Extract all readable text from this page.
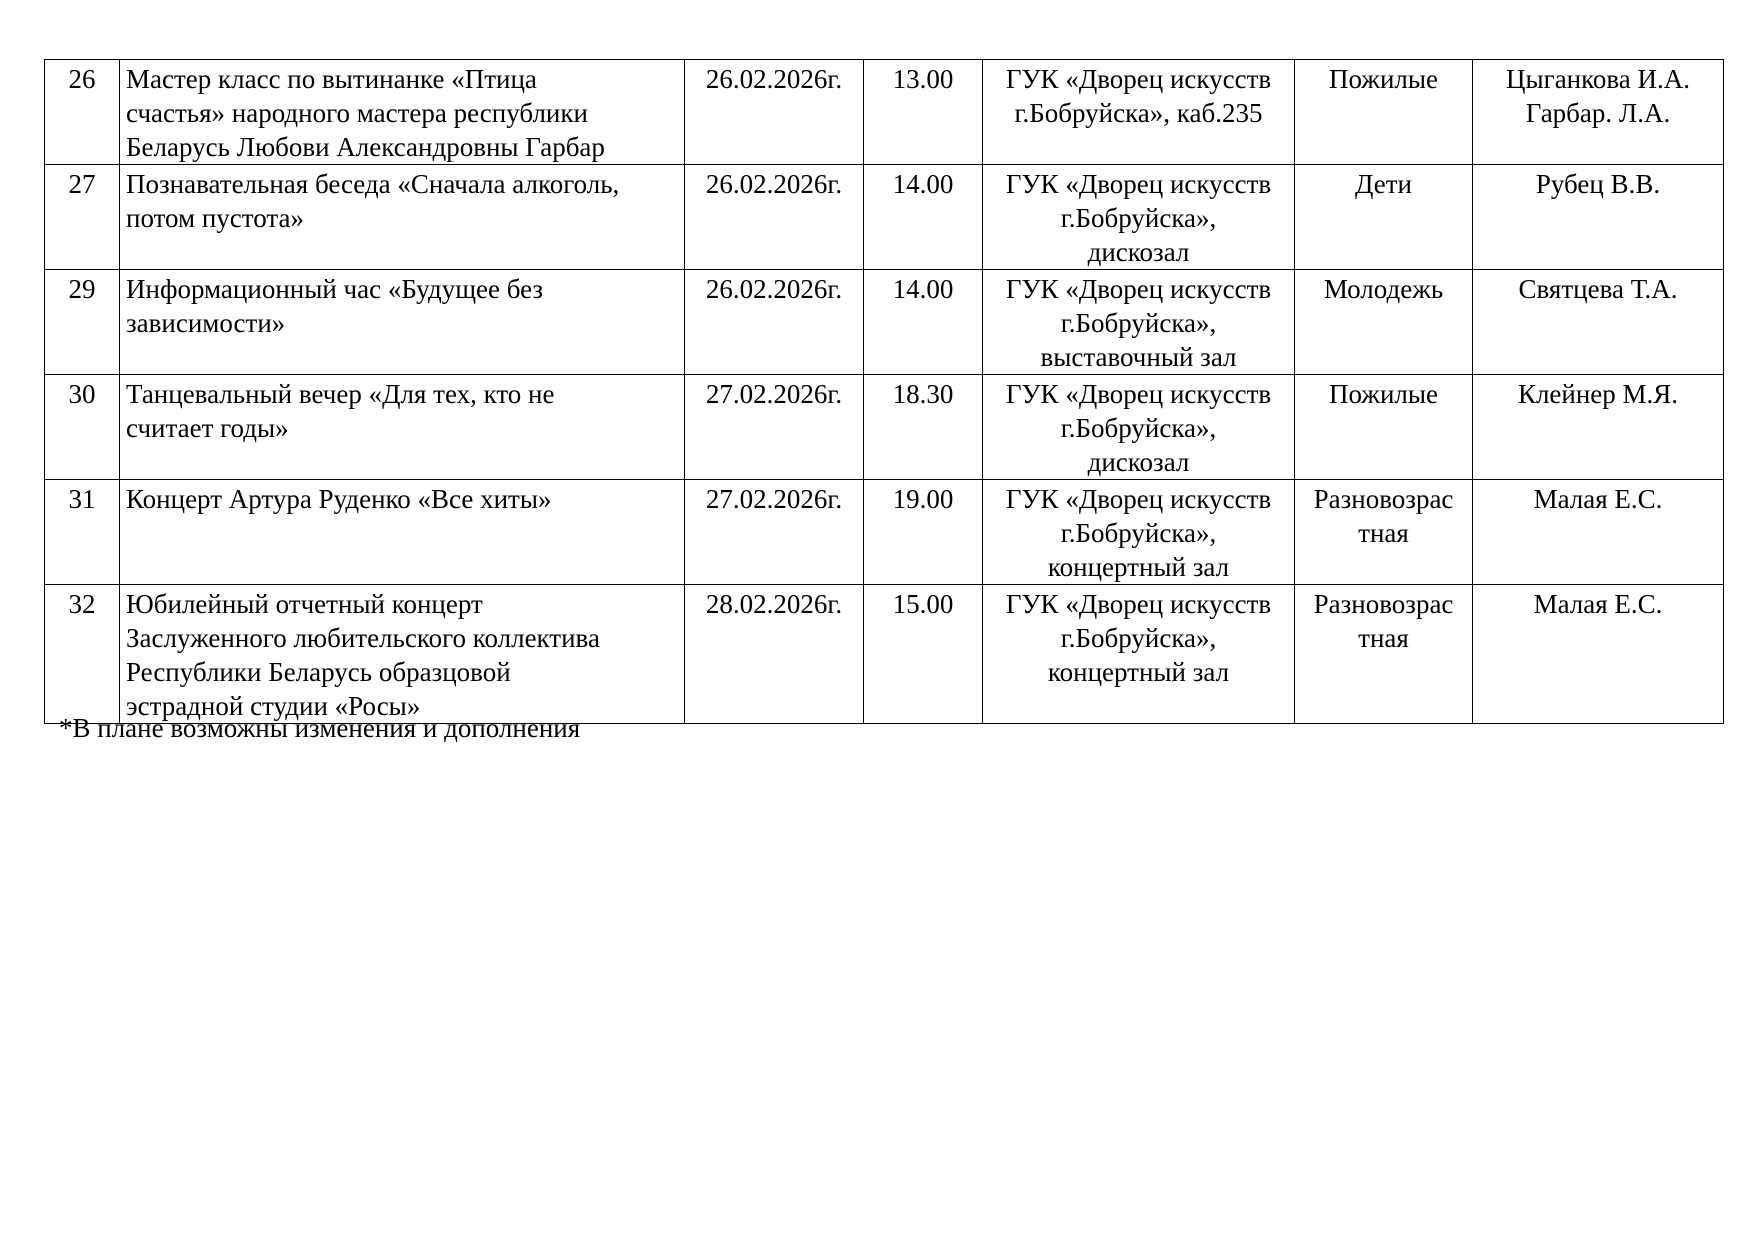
26	Мастер класс по вытинанке «Птица
счастья» народного мастера республики
Беларусь Любови Александровны Гарбар	26.02.2026г.	13.00	ГУК «Дворец искусств
г.Бобруйска», каб.235	Пожилые	Цыганкова И.А.
Гарбар. Л.А.

27	Познавательная беседа «Сначала алкоголь,
потом пустота»	26.02.2026г.	14.00	ГУК «Дворец искусств
г.Бобруйска»,
дискозал	Дети	Рубец В.В.

29	Информационный час «Будущее без
зависимости»	26.02.2026г.	14.00	ГУК «Дворец искусств
г.Бобруйска»,
выставочный зал	Молодежь	Святцева Т.А.

30	Танцевальный вечер «Для тех, кто не
считает годы»	27.02.2026г.	18.30	ГУК «Дворец искусств
г.Бобруйска»,
дискозал	Пожилые	Клейнер М.Я.

31	Концерт Артура Руденко «Все хиты»	27.02.2026г.	19.00	ГУК «Дворец искусств
г.Бобруйска»,
концертный зал	Разновозрас
тная	Малая Е.С.

32	Юбилейный отчетный концерт
Заслуженного любительского коллектива
Республики Беларусь образцовой
эстрадной студии «Росы»	28.02.2026г.	15.00	ГУК «Дворец искусств
г.Бобруйска»,
концертный зал	Разновозрас
тная	Малая Е.С.
*В плане возможны изменения и дополнения
